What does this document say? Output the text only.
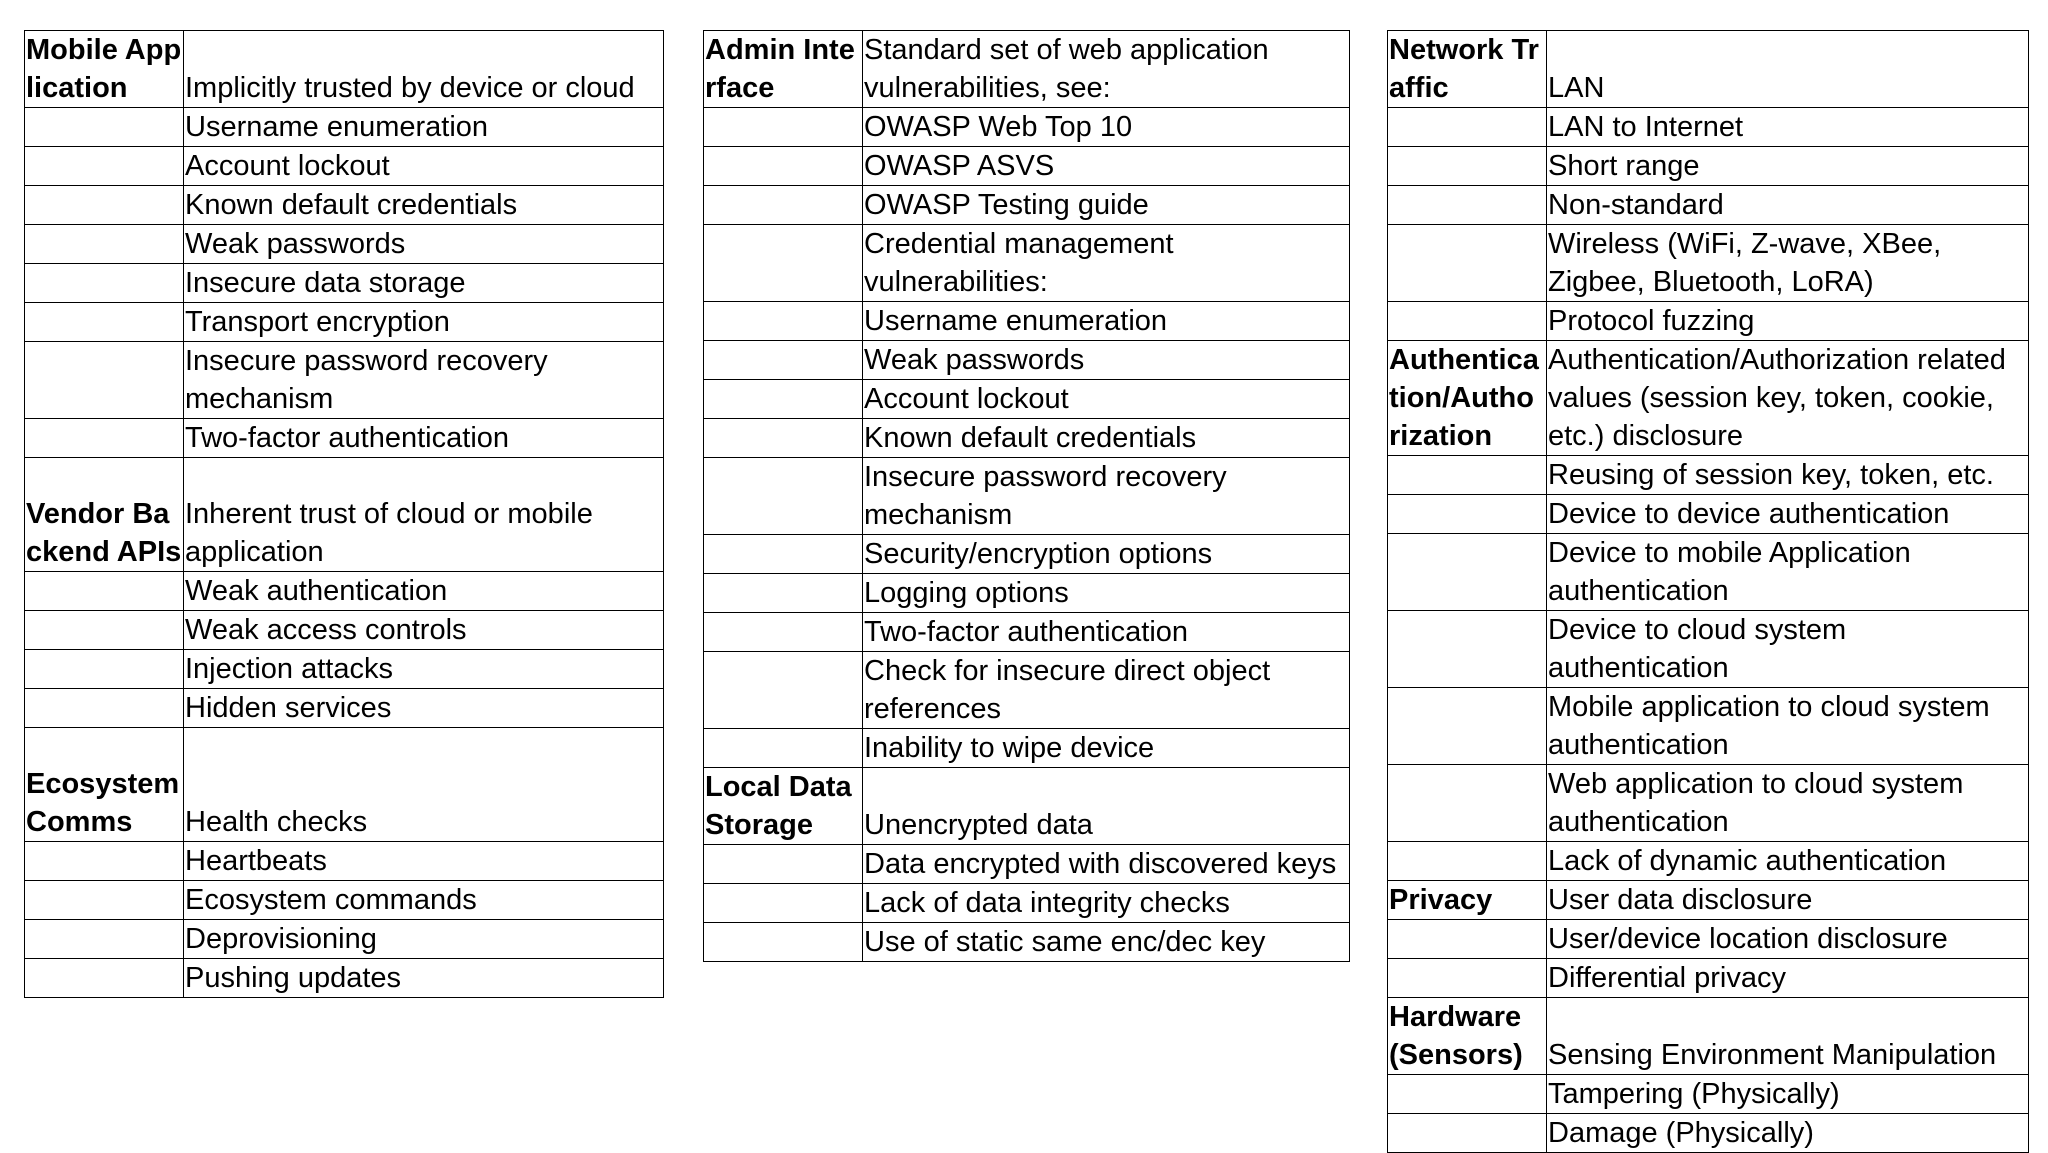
Mobile Application	Implicitly trusted by device or cloud
	Username enumeration
	Account lockout
	Known default credentials
	Weak passwords
	Insecure data storage
	Transport encryption
	Insecure password recovery mechanism
	Two-factor authentication
Vendor Backend APIs	Inherent trust of cloud or mobile application
	Weak authentication
	Weak access controls
	Injection attacks
	Hidden services
Ecosystem Comms	Health checks
	Heartbeats
	Ecosystem commands
	Deprovisioning
	Pushing updates
Admin Interface	Standard set of web application vulnerabilities, see:
	OWASP Web Top 10
	OWASP ASVS
	OWASP Testing guide
	Credential management vulnerabilities:
	Username enumeration
	Weak passwords
	Account lockout
	Known default credentials
	Insecure password recovery mechanism
	Security/encryption options
	Logging options
	Two-factor authentication
	Check for insecure direct object references
	Inability to wipe device
Local Data Storage	Unencrypted data
	Data encrypted with discovered keys
	Lack of data integrity checks
	Use of static same enc/dec key
Network Traffic	LAN
	LAN to Internet
	Short range
	Non-standard
	Wireless (WiFi, Z-wave, XBee, Zigbee, Bluetooth, LoRA)
	Protocol fuzzing
Authentication/Authorization	Authentication/Authorization related values (session key, token, cookie, etc.) disclosure
	Reusing of session key, token, etc.
	Device to device authentication
	Device to mobile Application authentication
	Device to cloud system authentication
	Mobile application to cloud system authentication
	Web application to cloud system authentication
	Lack of dynamic authentication
Privacy	User data disclosure
	User/device location disclosure
	Differential privacy
Hardware (Sensors)	Sensing Environment Manipulation
	Tampering (Physically)
	Damage (Physically)
